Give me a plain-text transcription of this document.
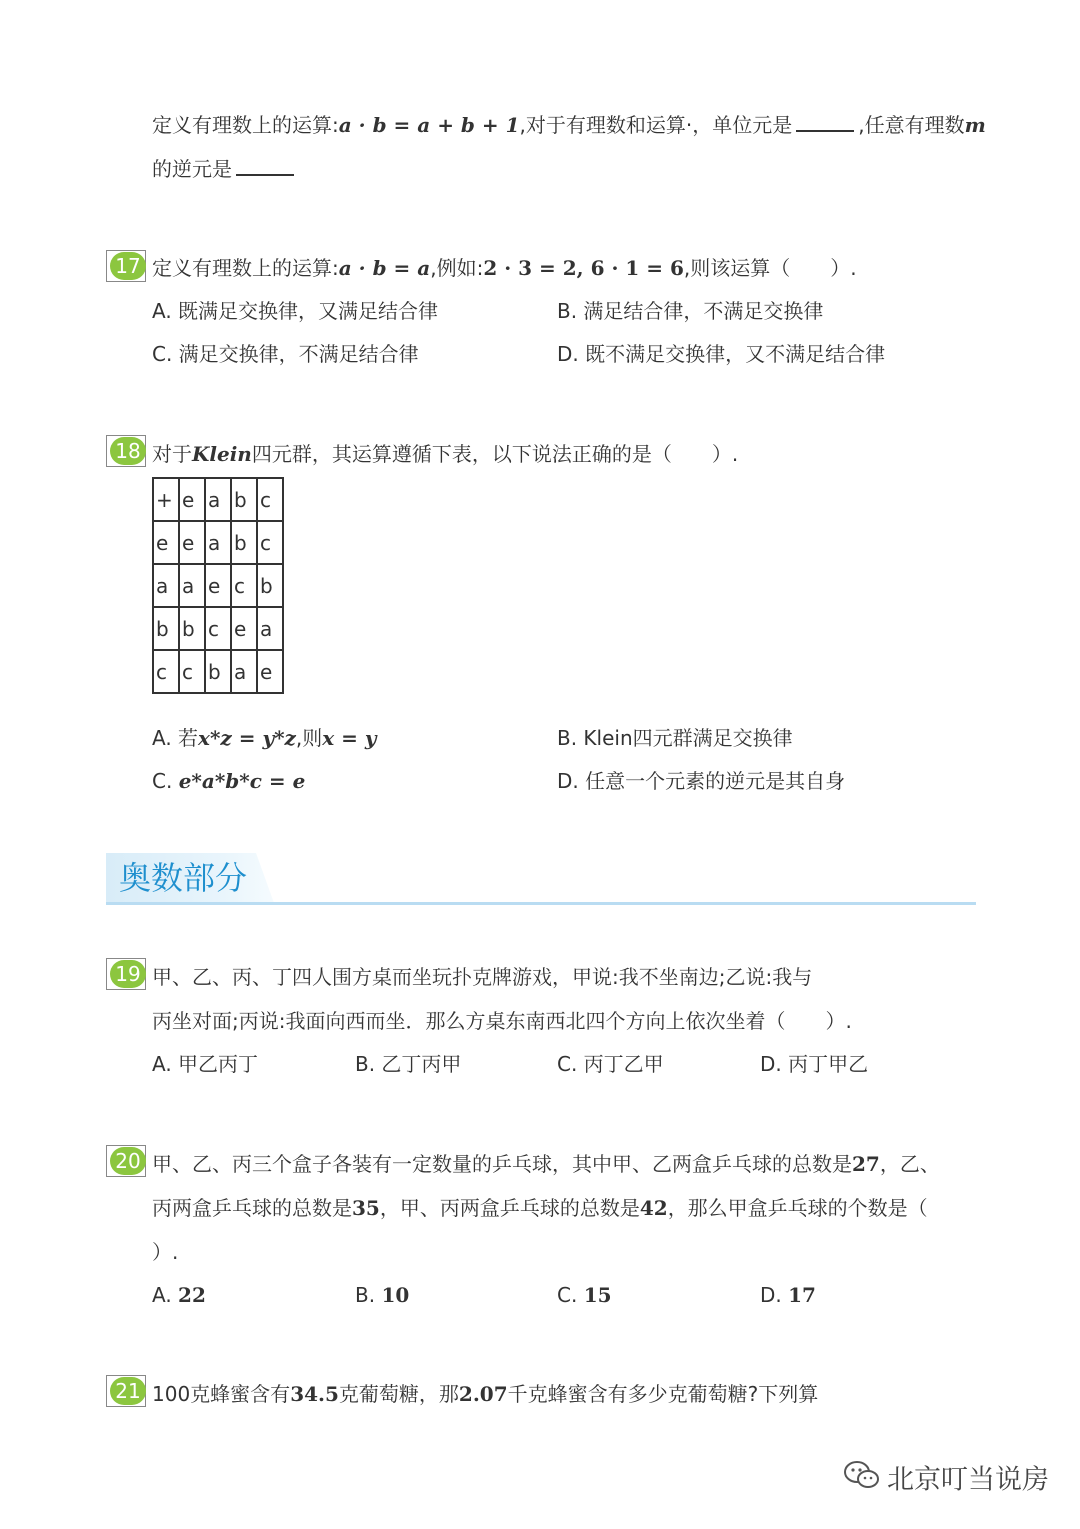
定义有理数上的运算:a · b = a + b + 1,对于有理数和运算·，单位元是	,任意有理数m
的逆元是
17 定义有理数上的运算:a · b = a,例如:2 · 3 = 2, 6 · 1 = 6,则该运算（　　）.
A. 既满足交换律，又满足结合律	B. 满足结合律，不满足交换律
C. 满足交换律，不满足结合律	D. 既不满足交换律，又不满足结合律
18 对于Klein四元群，其运算遵循下表，以下说法正确的是（　　）.
+	e	a	b	c
e	e	a	b	c
a	a	e	c	b
b	b	c	e	a
c	c	b	a	e
A. 若x*z = y*z,则x = y	B. Klein四元群满足交换律
C. e*a*b*c = e	D. 任意一个元素的逆元是其自身
奥数部分
19 甲、乙、丙、丁四人围方桌而坐玩扑克牌游戏，甲说:我不坐南边;乙说:我与
丙坐对面;丙说:我面向西而坐．那么方桌东南西北四个方向上依次坐着（　　）.
A. 甲乙丙丁	B. 乙丁丙甲	C. 丙丁乙甲	D. 丙丁甲乙
20 甲、乙、丙三个盒子各装有一定数量的乒乓球，其中甲、乙两盒乒乓球的总数是27，乙、
丙两盒乒乓球的总数是35，甲、丙两盒乒乓球的总数是42，那么甲盒乒乓球的个数是（
）.
A. 22	B. 10	C. 15	D. 17
21 100克蜂蜜含有34.5克葡萄糖，那2.07千克蜂蜜含有多少克葡萄糖?下列算
北京叮当说房
